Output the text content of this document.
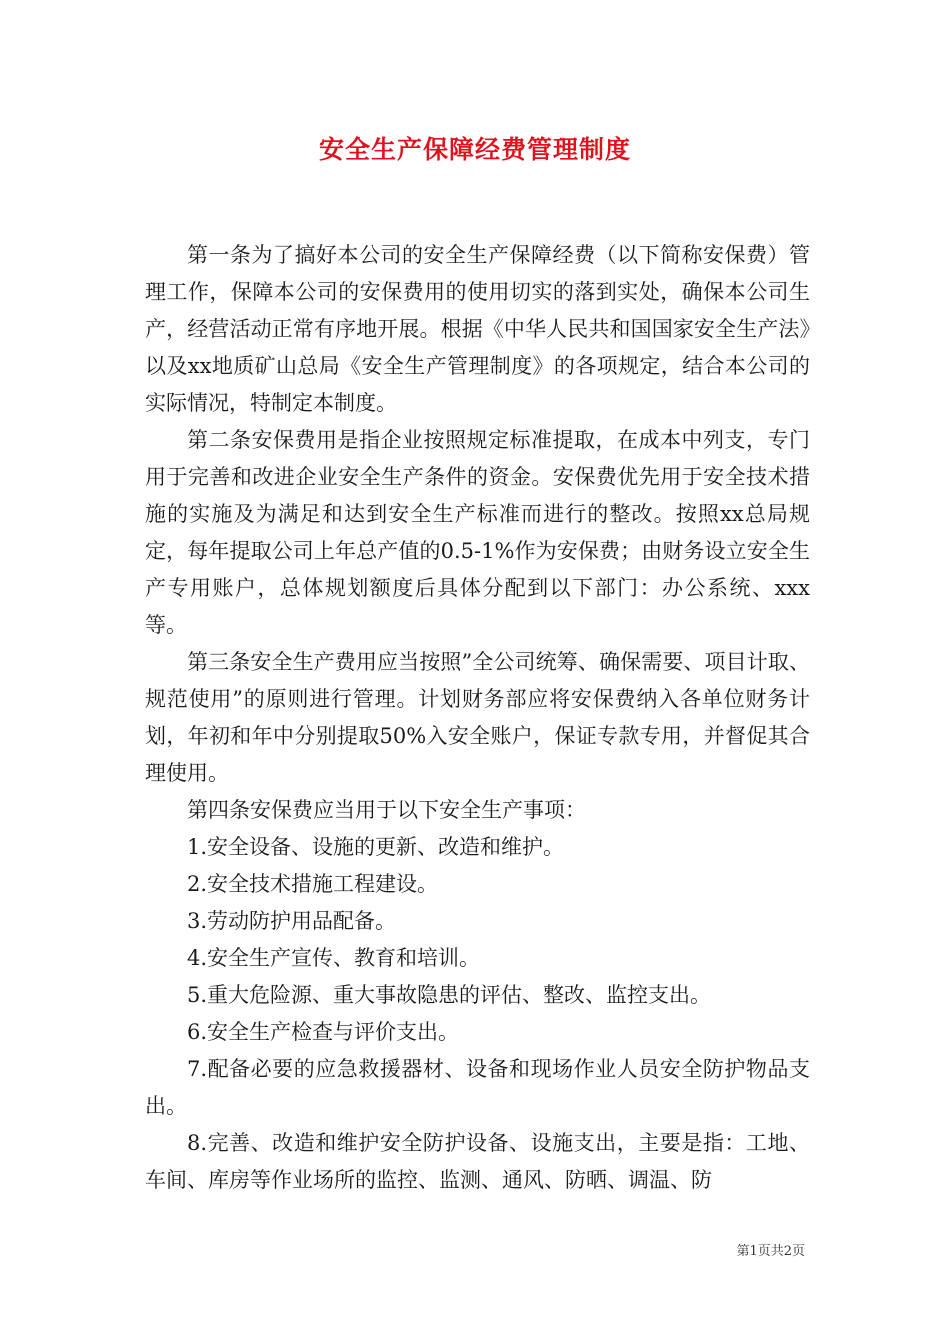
安全生产保障经费管理制度

第一条为了搞好本公司的安全生产保障经费（以下简称安保费）管理工作，保障本公司的安保费用的使用切实的落到实处，确保本公司生产，经营活动正常有序地开展。根据《中华人民共和国国家安全生产法》以及xx地质矿山总局《安全生产管理制度》的各项规定，结合本公司的实际情况，特制定本制度。

第二条安保费用是指企业按照规定标准提取，在成本中列支，专门用于完善和改进企业安全生产条件的资金。安保费优先用于安全技术措施的实施及为满足和达到安全生产标准而进行的整改。按照xx总局规定，每年提取公司上年总产值的0.5-1%作为安保费；由财务设立安全生产专用账户，总体规划额度后具体分配到以下部门：办公系统、xxx等。

第三条安全生产费用应当按照”全公司统筹、确保需要、项目计取、规范使用”的原则进行管理。计划财务部应将安保费纳入各单位财务计划，年初和年中分别提取50%入安全账户，保证专款专用，并督促其合理使用。

第四条安保费应当用于以下安全生产事项：

1.安全设备、设施的更新、改造和维护。

2.安全技术措施工程建设。

3.劳动防护用品配备。

4.安全生产宣传、教育和培训。

5.重大危险源、重大事故隐患的评估、整改、监控支出。

6.安全生产检查与评价支出。

7.配备必要的应急救援器材、设备和现场作业人员安全防护物品支出。

8.完善、改造和维护安全防护设备、设施支出，主要是指：工地、车间、库房等作业场所的监控、监测、通风、防晒、调温、防

第1页共2页
